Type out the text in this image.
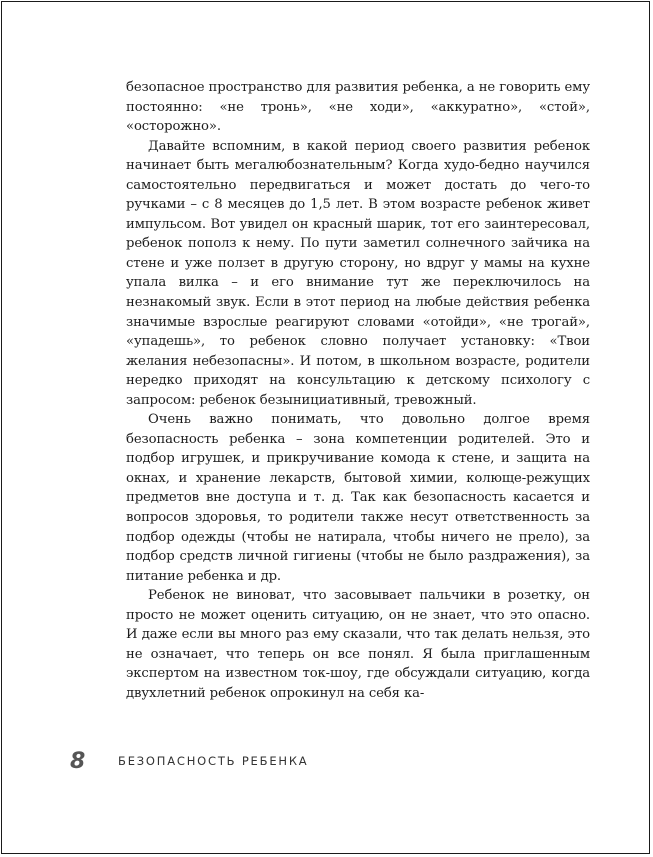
безопасное пространство для развития ребенка, а не говорить ему постоянно: «не тронь», «не ходи», «аккуратно», «стой», «осторожно».

Давайте вспомним, в какой период своего развития ребенок начинает быть мегалюбознательным? Когда худо-бедно научился самостоятельно передвигаться и может достать до чего-то ручками – с 8 месяцев до 1,5 лет. В этом возрасте ребенок живет импульсом. Вот увидел он красный шарик, тот его заинтересовал, ребенок пополз к нему. По пути заметил солнечного зайчика на стене и уже ползет в другую сторону, но вдруг у мамы на кухне упала вилка – и его внимание тут же переключилось на незнакомый звук. Если в этот период на любые действия ребенка значимые взрослые реагируют словами «отойди», «не трогай», «упадешь», то ребенок словно получает установку: «Твои желания небезопасны». И потом, в школьном возрасте, родители нередко приходят на консультацию к детскому психологу с запросом: ребенок безынициативный, тревожный.

Очень важно понимать, что довольно долгое время безопасность ребенка – зона компетенции родителей. Это и подбор игрушек, и прикручивание комода к стене, и защита на окнах, и хранение лекарств, бытовой химии, колюще-режущих предметов вне доступа и т. д. Так как безопасность касается и вопросов здоровья, то родители также несут ответственность за подбор одежды (чтобы не натирала, чтобы ничего не прело), за подбор средств личной гигиены (чтобы не было раздражения), за питание ребенка и др.

Ребенок не виноват, что засовывает пальчики в розетку, он просто не может оценить ситуацию, он не знает, что это опасно. И даже если вы много раз ему сказали, что так делать нельзя, это не означает, что теперь он все понял. Я была приглашенным экспертом на известном ток-шоу, где обсуждали ситуацию, когда двухлетний ребенок опрокинул на себя ка-

8	БЕЗОПАСНОСТЬ РЕБЕНКА
